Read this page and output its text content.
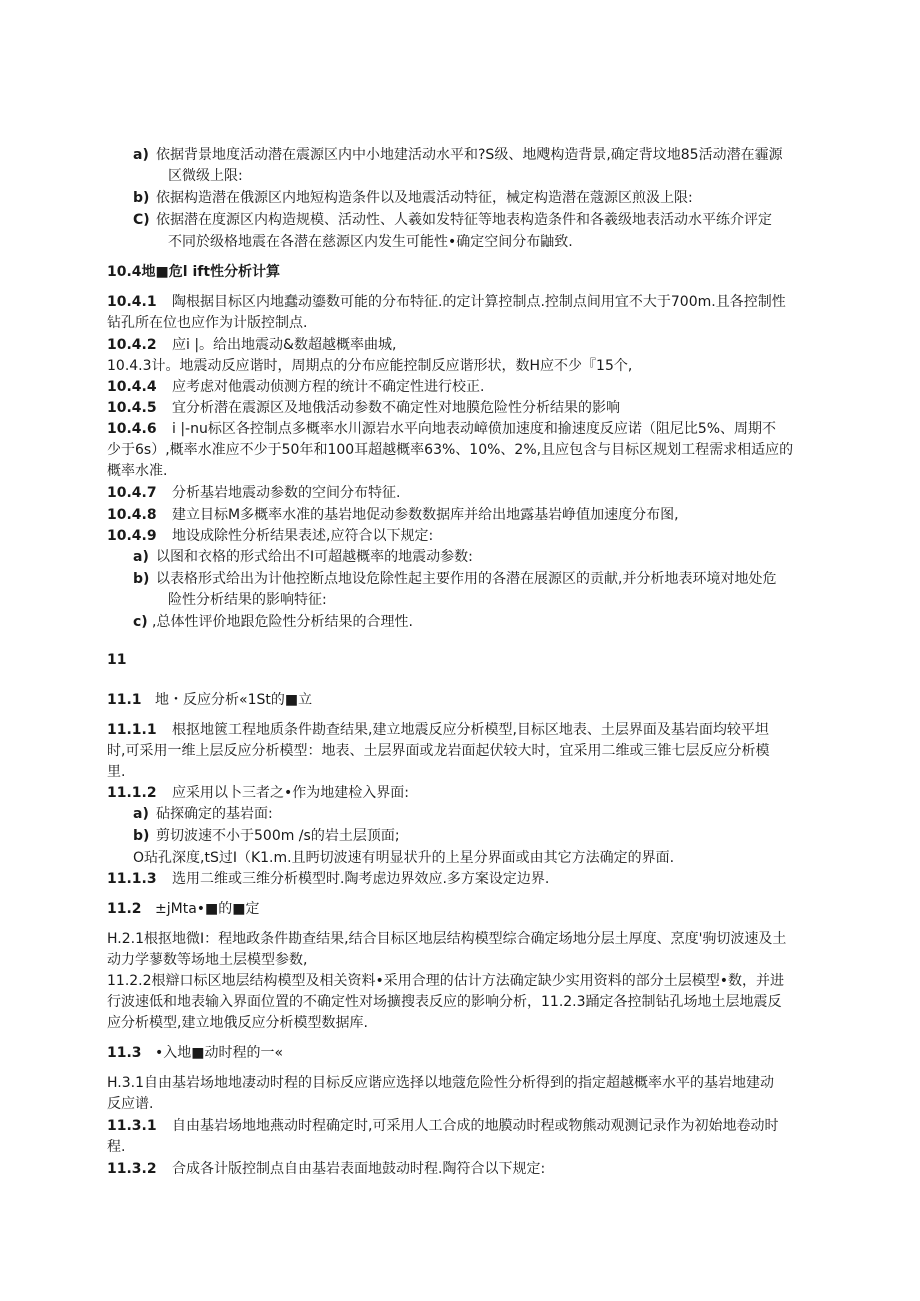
a) 依据背景地度活动潜在震源区内中小地建活动水平和?S级、地飕构造背景,确定背坟地85活动潜在霾源
区微级上限:
b) 依据构造潜在俄源区内地短构造条件以及地震活动特征，械定构造潜在蔻源区煎汲上限:
C) 依据潜在度源区内构造规模、活动性、人羲如发特征等地表构造条件和各羲级地表活动水平练介评定
不同於级格地震在各潜在慈源区内发生可能性•确定空间分布鼬致.
10.4地■危l ift性分析计算
10.4.1 陶根据目标区内地蠢动鎏数可能的分布特征.的定计算控制点.控制点间用宜不大于700m.且各控制性
钻孔所在位也应作为计版控制点.
10.4.2 应i |。给出地震动&数超越概率曲城,
10.4.3计。地震动反应谐时，周期点的分布应能控制反应谐形状，数H应不少『15个,
10.4.4 应考虑对他震动侦测方程的统计不确定性进行校正.
10.4.5 宜分析潜在震源区及地俄活动参数不确定性对地膜危险性分析结果的影响
10.4.6 i |-nu标区各控制点多概率水川源岩水平向地表动嶂偾加速度和揄速度反应诺（阻尼比5%、周期不
少于6s）,概率水准应不少于50年和100耳超越概率63%、10%、2%,且应包含与目标区规划工程需求相适应的
概率水准.
10.4.7 分析基岩地震动参数的空间分布特征.
10.4.8 建立目标M多概率水准的基岩地促动参数数据库并给出地露基岩峥值加速度分布图,
10.4.9 地设成除性分析结果表述,应符合以下规定:
a) 以图和衣格的形式给出不I可超越概率的地震动参数:
b) 以表格形式给出为计他控断点地设危除性起主要作用的各潜在展源区的贡献,并分析地表环境对地处危
险性分析结果的影响特征:
c) ,总体性评价地跟危险性分析结果的合理性.
11
11.1 地・反应分析«1St的■立
11.1.1 根抠地篋工程地质条件勘查结果,建立地震反应分析模型,目标区地表、土层界面及基岩面均较平坦
时,可采用一维上层反应分析模型：地表、土层界面或龙岩面起伏较大时，宜采用二维或三锥七层反应分析模
里.
11.1.2 应采用以卜三者之•作为地建检入界面:
a) 砧探确定的基岩面:
b) 剪切波速不小于500m /s的岩土层顶面;
O玷孔深度,tS过I（K1.m.且眄切波速有明显状升的上星分界面或由其它方法确定的界面.
11.1.3 选用二维或三维分析模型时.陶考虑边界效应.多方案设定边界.
11.2 ±jMta•■的■定
H.2.1根抠地微I：程地政条件勘查结果,结合目标区地层结构模型综合确定场地分层土厚度、烹度'驹切波速及土
动力学蓼数等场地土层模型参数,
11.2.2根辯口标区地层结构模型及相关资料•采用合理的估计方法确定缺少实用资料的部分土层模型•数，并进
行波速低和地表输入界面位置的不确定性对场擴搜表反应的影响分析，11.2.3踊定各控制钻孔场地土层地震反
应分析模型,建立地俄反应分析模型数据库.
11.3 •入地■动时程的一«
H.3.1自由基岩场地地凄动时程的目标反应谐应选择以地蔻危险性分析得到的指定超越概率水平的基岩地建动
反应谱.
11.3.1 自由基岩场地地燕动时程确定时,可采用人工合成的地膜动时程或物熊动观测记录作为初始地卷动时
程.
11.3.2 合成各计版控制点自由基岩表面地鼓动时程.陶符合以下规定:
